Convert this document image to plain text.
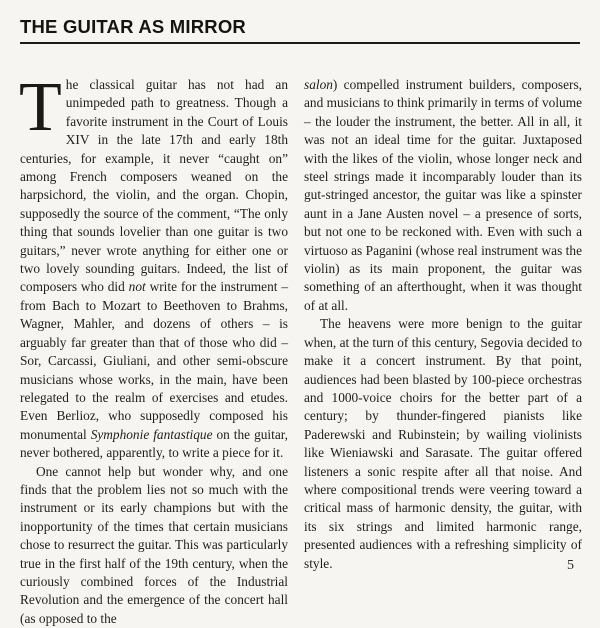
THE GUITAR AS MIRROR

The classical guitar has not had an unimpeded path to greatness. Though a favorite instrument in the Court of Louis XIV in the late 17th and early 18th centuries, for example, it never “caught on” among French composers weaned on the harpsichord, the violin, and the organ. Chopin, supposedly the source of the comment, “The only thing that sounds lovelier than one guitar is two guitars,” never wrote anything for either one or two lovely sounding guitars. Indeed, the list of composers who did not write for the instrument – from Bach to Mozart to Beethoven to Brahms, Wagner, Mahler, and dozens of others – is arguably far greater than that of those who did – Sor, Carcassi, Giuliani, and other semi-obscure musicians whose works, in the main, have been relegated to the realm of exercises and etudes. Even Berlioz, who supposedly composed his monumental Symphonie fantastique on the guitar, never bothered, apparently, to write a piece for it.

One cannot help but wonder why, and one finds that the problem lies not so much with the instrument or its early champions but with the inopportunity of the times that certain musicians chose to resurrect the guitar. This was particularly true in the first half of the 19th century, when the curiously combined forces of the Industrial Revolution and the emergence of the concert hall (as opposed to the

salon) compelled instrument builders, composers, and musicians to think primarily in terms of volume – the louder the instrument, the better. All in all, it was not an ideal time for the guitar. Juxtaposed with the likes of the violin, whose longer neck and steel strings made it incomparably louder than its gut-stringed ancestor, the guitar was like a spinster aunt in a Jane Austen novel – a presence of sorts, but not one to be reckoned with. Even with such a virtuoso as Paganini (whose real instrument was the violin) as its main proponent, the guitar was something of an afterthought, when it was thought of at all.

The heavens were more benign to the guitar when, at the turn of this century, Segovia decided to make it a concert instrument. By that point, audiences had been blasted by 100-piece orchestras and 1000-voice choirs for the better part of a century; by thunder-fingered pianists like Paderewski and Rubinstein; by wailing violinists like Wieniawski and Sarasate. The guitar offered listeners a sonic respite after all that noise. And where compositional trends were veering toward a critical mass of harmonic density, the guitar, with its six strings and limited harmonic range, presented audiences with a refreshing simplicity of style.	5
